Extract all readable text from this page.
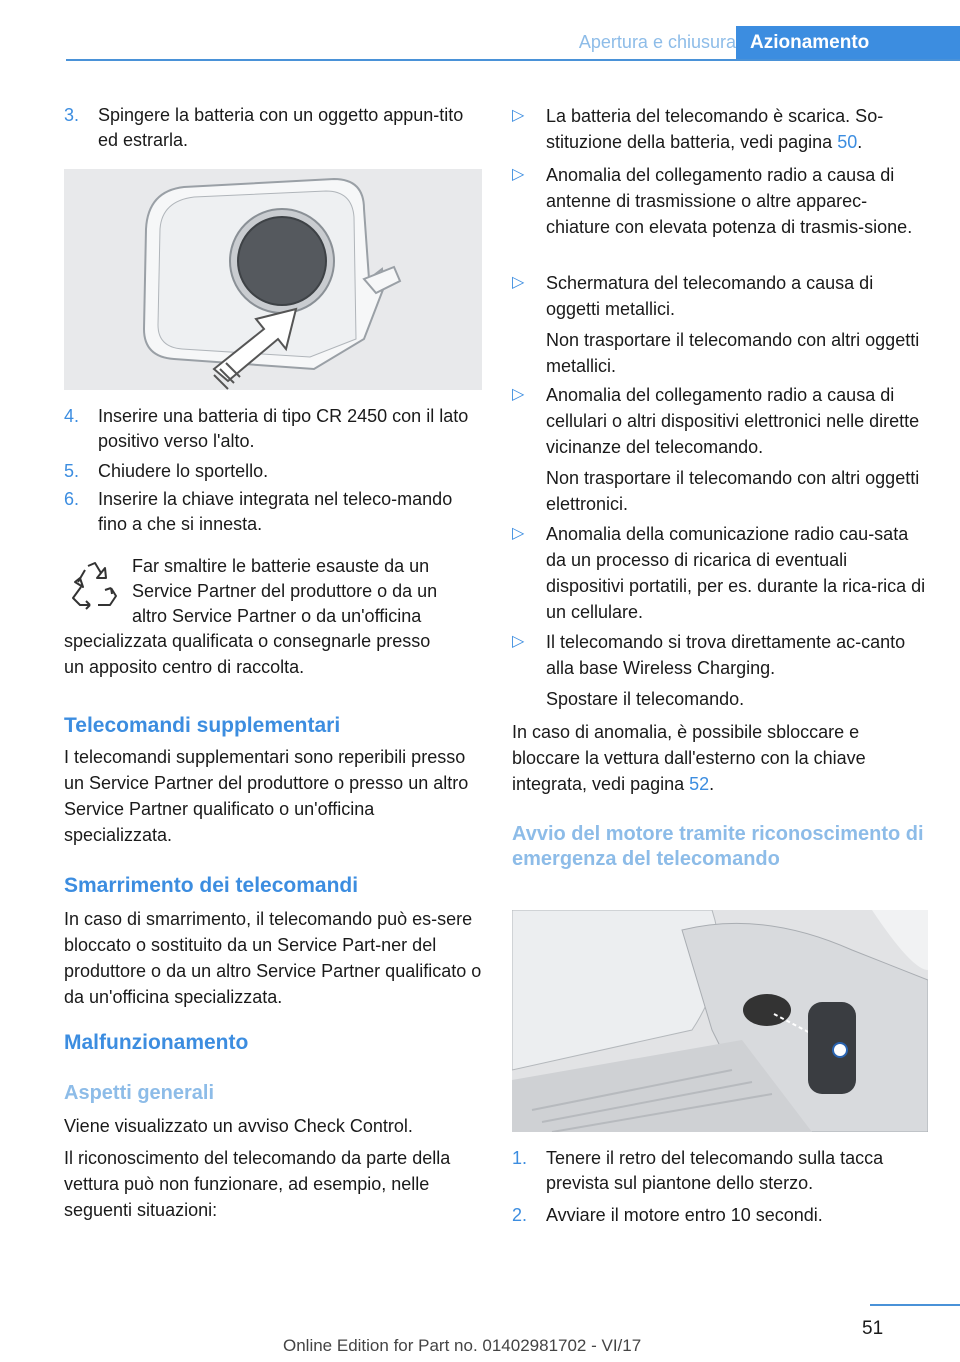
Apertura e chiusura Azionamento
3. Spingere la batteria con un oggetto appun‐tito ed estrarla.
4. Inserire una batteria di tipo CR 2450 con il lato positivo verso l'alto.
5. Chiudere lo sportello.
6. Inserire la chiave integrata nel teleco‐mando fino a che si innesta.
Far smaltire le batterie esauste da un
Service Partner del produttore o da un
altro Service Partner o da un'officina
specializzata qualificata o consegnarle presso
un apposito centro di raccolta.
Telecomandi supplementari
I telecomandi supplementari sono reperibili presso un Service Partner del produttore o presso un altro Service Partner qualificato o un'officina specializzata.
Smarrimento dei telecomandi
In caso di smarrimento, il telecomando può es‐sere bloccato o sostituito da un Service Part‐ner del produttore o da un altro Service Partner qualificato o da un'officina specializzata.
Malfunzionamento
Aspetti generali
Viene visualizzato un avviso Check Control.
Il riconoscimento del telecomando da parte della vettura può non funzionare, ad esempio, nelle seguenti situazioni:
▷ La batteria del telecomando è scarica. So‐stituzione della batteria, vedi pagina 50.
▷ Anomalia del collegamento radio a causa di antenne di trasmissione o altre apparec‐chiature con elevata potenza di trasmis‐sione.
▷ Schermatura del telecomando a causa di oggetti metallici.
Non trasportare il telecomando con altri oggetti metallici.
▷ Anomalia del collegamento radio a causa di cellulari o altri dispositivi elettronici nelle dirette vicinanze del telecomando.
Non trasportare il telecomando con altri oggetti elettronici.
▷ Anomalia della comunicazione radio cau‐sata da un processo di ricarica di eventuali dispositivi portatili, per es. durante la rica‐rica di un cellulare.
▷ Il telecomando si trova direttamente ac‐canto alla base Wireless Charging.
Spostare il telecomando.
In caso di anomalia, è possibile sbloccare e bloccare la vettura dall'esterno con la chiave integrata, vedi pagina 52.
Avvio del motore tramite riconoscimento di emergenza del telecomando
1. Tenere il retro del telecomando sulla tacca prevista sul piantone dello sterzo.
2. Avviare il motore entro 10 secondi.
51
Online Edition for Part no. 01402981702 - VI/17
